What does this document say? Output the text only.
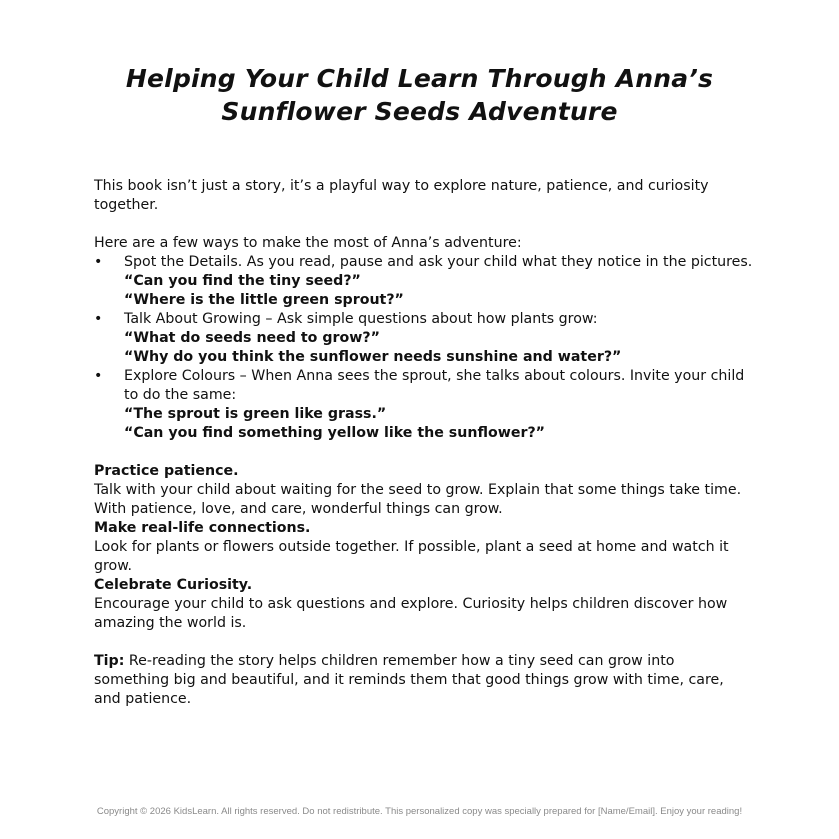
Helping Your Child Learn Through Anna’s
Sunflower Seeds Adventure

This book isn’t just a story, it’s a playful way to explore nature, patience, and curiosity together.

Here are a few ways to make the most of Anna’s adventure:

• Spot the Details. As you read, pause and ask your child what they notice in the pictures.
“Can you find the tiny seed?”
“Where is the little green sprout?”
• Talk About Growing – Ask simple questions about how plants grow:
“What do seeds need to grow?”
“Why do you think the sunflower needs sunshine and water?”
• Explore Colours – When Anna sees the sprout, she talks about colours. Invite your child to do the same:
“The sprout is green like grass.”
“Can you find something yellow like the sunflower?”
Practice patience.

Talk with your child about waiting for the seed to grow. Explain that some things take time. With patience, love, and care, wonderful things can grow.

Make real-life connections.

Look for plants or flowers outside together. If possible, plant a seed at home and watch it grow.

Celebrate Curiosity.

Encourage your child to ask questions and explore. Curiosity helps children discover how amazing the world is.

Tip: Re-reading the story helps children remember how a tiny seed can grow into something big and beautiful, and it reminds them that good things grow with time, care, and patience.

Copyright © 2026 KidsLearn. All rights reserved. Do not redistribute. This personalized copy was specially prepared for [Name/Email]. Enjoy your reading!
